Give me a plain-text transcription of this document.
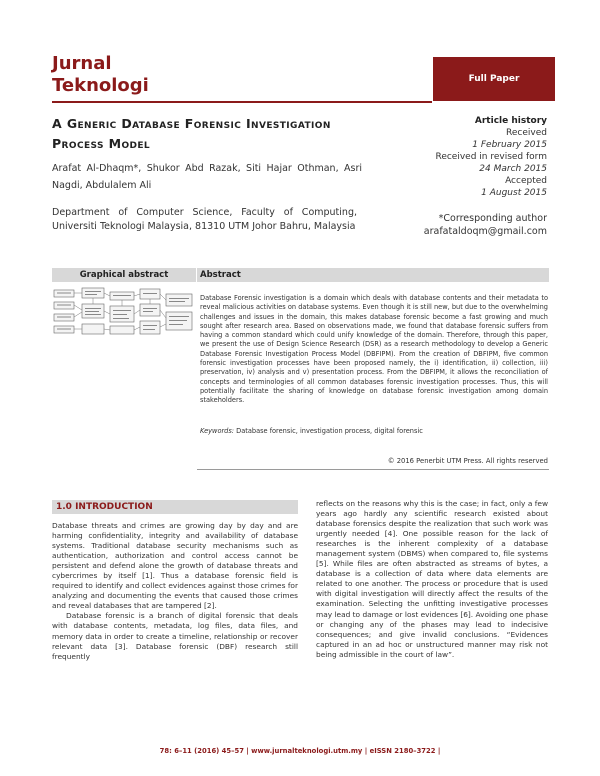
Jurnal
Teknologi	Full Paper
A Generic Database Forensic Investigation Process Model
Arafat Al-Dhaqm*, Shukor Abd Razak, Siti Hajar Othman, Asri Nagdi, Abdulalem Ali
Department of Computer Science, Faculty of Computing, Universiti Teknologi Malaysia, 81310 UTM Johor Bahru, Malaysia
Article history
Received
1 February 2015
Received in revised form
24 March 2015
Accepted
1 August 2015
*Corresponding author
arafataldoqm@gmail.com
Graphical abstract	Abstract
Database Forensic investigation is a domain which deals with database contents and their metadata to reveal malicious activities on database systems. Even though it is still new, but due to the overwhelming challenges and issues in the domain, this makes database forensic become a fast growing and much sought after research area. Based on observations made, we found that database forensic suffers from having a common standard which could unify knowledge of the domain. Therefore, through this paper, we present the use of Design Science Research (DSR) as a research methodology to develop a Generic Database Forensic Investigation Process Model (DBFIPM). From the creation of DBFIPM, five common forensic investigation processes have been proposed namely, the i) identification, ii) collection, iii) preservation, iv) analysis and v) presentation process. From the DBFIPM, it allows the reconciliation of concepts and terminologies of all common databases forensic investigation processes. Thus, this will potentially facilitate the sharing of knowledge on database forensic investigation among domain stakeholders.
Keywords: Database forensic, investigation process, digital forensic
© 2016 Penerbit UTM Press. All rights reserved
1.0 INTRODUCTION

Database threats and crimes are growing day by day and are harming confidentiality, integrity and availability of database systems. Traditional database security mechanisms such as authentication, authorization and control access cannot be persistent and defend alone the growth of database threats and cybercrimes by itself [1]. Thus a database forensic field is required to identify and collect evidences against those crimes for analyzing and documenting the events that caused those crimes and reveal databases that are tampered [2].

Database forensic is a branch of digital forensic that deals with database contents, metadata, log files, data files, and memory data in order to create a timeline, relationship or recover relevant data [3]. Database forensic (DBF) research still frequently

reflects on the reasons why this is the case; in fact, only a few years ago hardly any scientific research existed about database forensics despite the realization that such work was urgently needed [4]. One possible reason for the lack of researches is the inherent complexity of a database management system (DBMS) when compared to, file systems [5]. While files are often abstracted as streams of bytes, a database is a collection of data where data elements are related to one another. The process or procedure that is used with digital investigation will directly affect the results of the examination. Selecting the unfitting investigative processes may lead to damage or lost evidences [6]. Avoiding one phase or changing any of the phases may lead to indecisive consequences; and give invalid conclusions. “Evidences captured in an ad hoc or unstructured manner may risk not being admissible in the court of law”.

78: 6–11 (2016) 45–57 | www.jurnalteknologi.utm.my | eISSN 2180–3722 |
